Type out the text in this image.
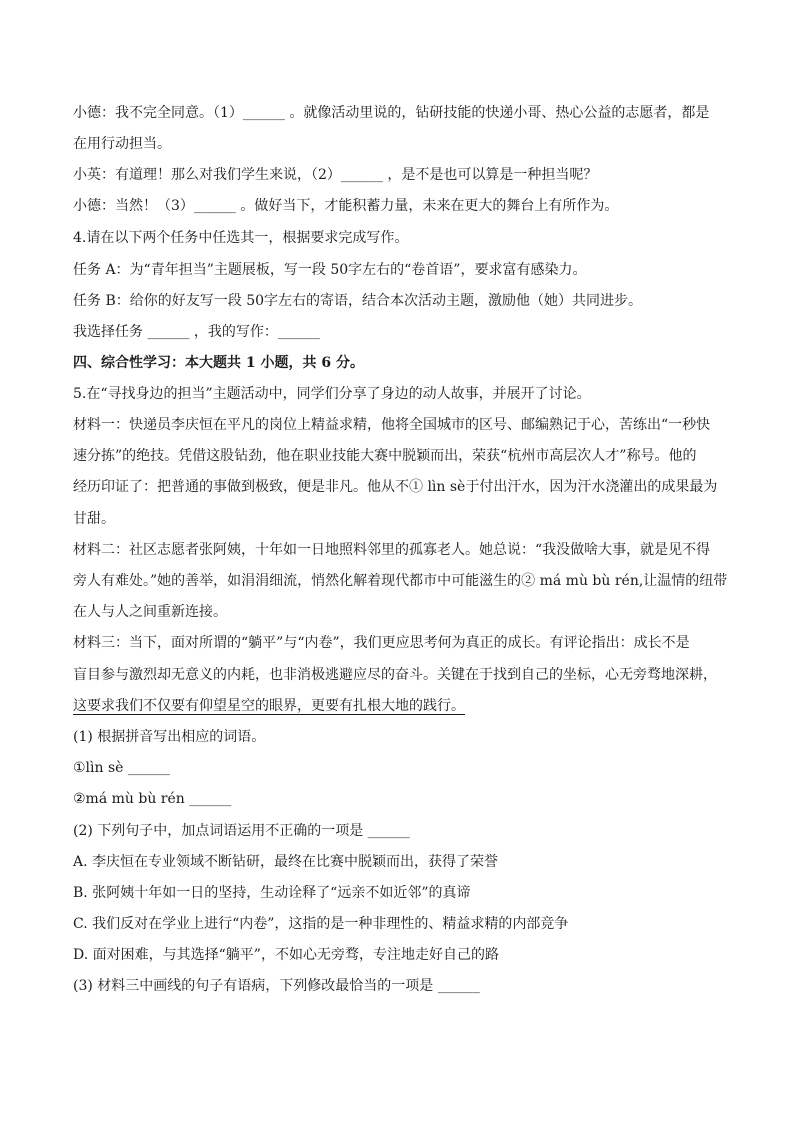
小德：我不完全同意。（1）______ 。就像活动里说的，钻研技能的快递小哥、热心公益的志愿者，都是
在用行动担当。
小英：有道理！那么对我们学生来说，（2）______ ，是不是也可以算是一种担当呢？
小德：当然！（3）______ 。做好当下，才能积蓄力量，未来在更大的舞台上有所作为。
4.请在以下两个任务中任选其一，根据要求完成写作。
任务 A：为“青年担当”主题展板，写一段 50字左右的“卷首语”，要求富有感染力。
任务 B：给你的好友写一段 50字左右的寄语，结合本次活动主题，激励他（她）共同进步。
我选择任务 ______ ，我的写作：______
四、综合性学习：本大题共 1 小题，共 6 分。
5.在“寻找身边的担当”主题活动中，同学们分享了身边的动人故事，并展开了讨论。
材料一：快递员李庆恒在平凡的岗位上精益求精，他将全国城市的区号、邮编熟记于心，苦练出“一秒快
速分拣”的绝技。凭借这股钻劲，他在职业技能大赛中脱颖而出，荣获“杭州市高层次人才”称号。他的
经历印证了：把普通的事做到极致，便是非凡。他从不① lìn sè于付出汗水，因为汗水浇灌出的成果最为
甘甜。
材料二：社区志愿者张阿姨，十年如一日地照料邻里的孤寡老人。她总说：“我没做啥大事，就是见不得
旁人有难处。”她的善举，如涓涓细流，悄然化解着现代都市中可能滋生的② má mù bù rén,让温情的纽带
在人与人之间重新连接。
材料三：当下，面对所谓的“躺平”与“内卷”，我们更应思考何为真正的成长。有评论指出：成长不是
盲目参与激烈却无意义的内耗，也非消极逃避应尽的奋斗。关键在于找到自己的坐标，心无旁骛地深耕，
这要求我们不仅要有仰望星空的眼界，更要有扎根大地的践行。
(1) 根据拼音写出相应的词语。
①lìn sè ______
②má mù bù rén ______
(2) 下列句子中，加点词语运用不正确的一项是 ______
A. 李庆恒在专业领域不断钻研，最终在比赛中脱颖而出，获得了荣誉
B. 张阿姨十年如一日的坚持，生动诠释了“远亲不如近邻”的真谛
C. 我们反对在学业上进行“内卷”，这指的是一种非理性的、精益求精的内部竞争
D. 面对困难，与其选择“躺平”，不如心无旁骛，专注地走好自己的路
(3) 材料三中画线的句子有语病，下列修改最恰当的一项是 ______
